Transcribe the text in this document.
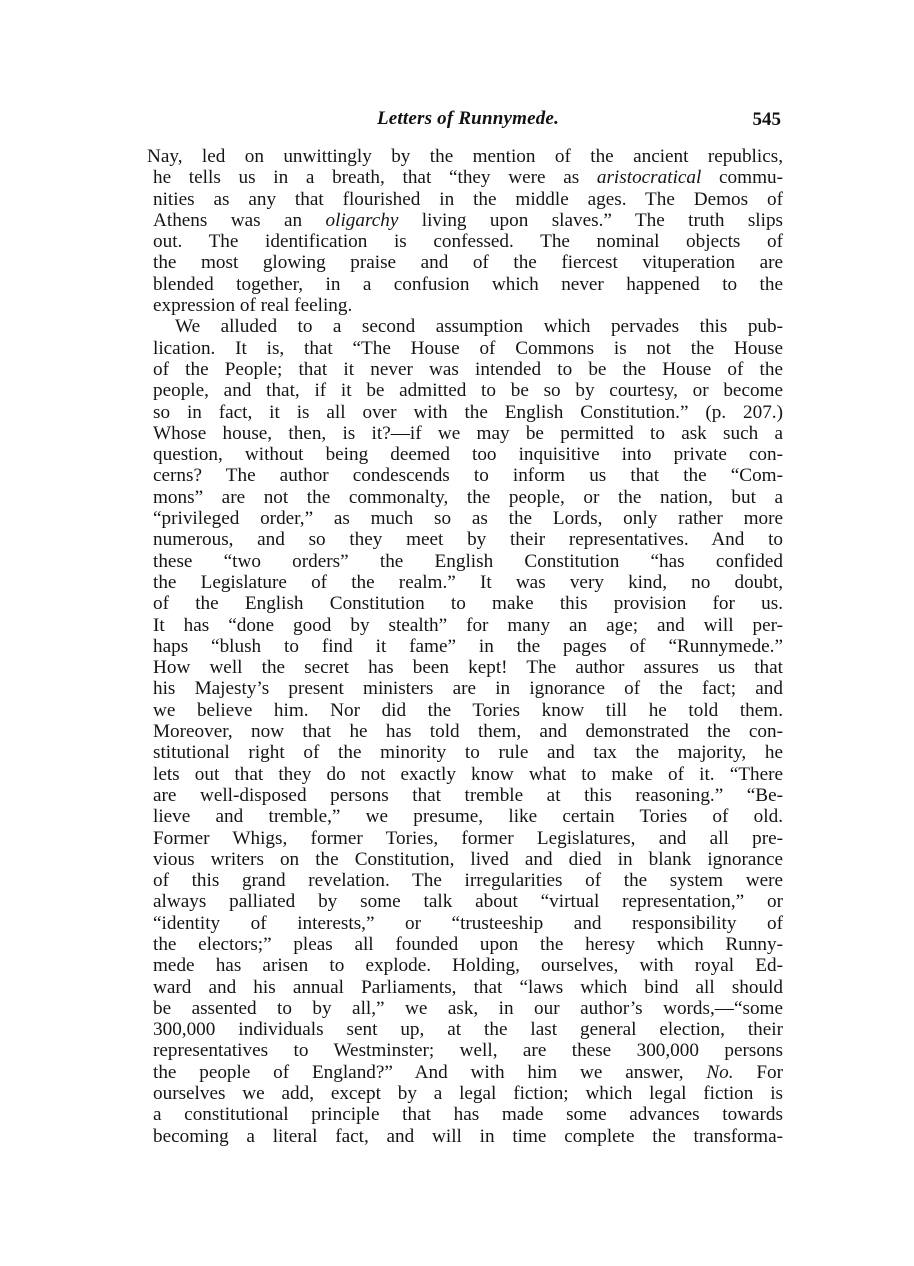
Letters of Runnymede.	545
Nay, led on unwittingly by the mention of the ancient republics,
he tells us in a breath, that “they were as aristocratical commu-
nities as any that flourished in the middle ages. The Demos of
Athens was an oligarchy living upon slaves.” The truth slips
out. The identification is confessed. The nominal objects of
the most glowing praise and of the fiercest vituperation are
blended together, in a confusion which never happened to the
expression of real feeling.
We alluded to a second assumption which pervades this pub-
lication. It is, that “The House of Commons is not the House
of the People; that it never was intended to be the House of the
people, and that, if it be admitted to be so by courtesy, or become
so in fact, it is all over with the English Constitution.” (p. 207.)
Whose house, then, is it?—if we may be permitted to ask such a
question, without being deemed too inquisitive into private con-
cerns? The author condescends to inform us that the “Com-
mons” are not the commonalty, the people, or the nation, but a
“privileged order,” as much so as the Lords, only rather more
numerous, and so they meet by their representatives. And to
these “two orders” the English Constitution “has confided
the Legislature of the realm.” It was very kind, no doubt,
of the English Constitution to make this provision for us.
It has “done good by stealth” for many an age; and will per-
haps “blush to find it fame” in the pages of “Runnymede.”
How well the secret has been kept! The author assures us that
his Majesty’s present ministers are in ignorance of the fact; and
we believe him. Nor did the Tories know till he told them.
Moreover, now that he has told them, and demonstrated the con-
stitutional right of the minority to rule and tax the majority, he
lets out that they do not exactly know what to make of it. “There
are well-disposed persons that tremble at this reasoning.” “Be-
lieve and tremble,” we presume, like certain Tories of old.
Former Whigs, former Tories, former Legislatures, and all pre-
vious writers on the Constitution, lived and died in blank ignorance
of this grand revelation. The irregularities of the system were
always palliated by some talk about “virtual representation,” or
“identity of interests,” or “trusteeship and responsibility of
the electors;” pleas all founded upon the heresy which Runny-
mede has arisen to explode. Holding, ourselves, with royal Ed-
ward and his annual Parliaments, that “laws which bind all should
be assented to by all,” we ask, in our author’s words,—“some
300,000 individuals sent up, at the last general election, their
representatives to Westminster; well, are these 300,000 persons
the people of England?” And with him we answer, No. For
ourselves we add, except by a legal fiction; which legal fiction is
a constitutional principle that has made some advances towards
becoming a literal fact, and will in time complete the transforma-
